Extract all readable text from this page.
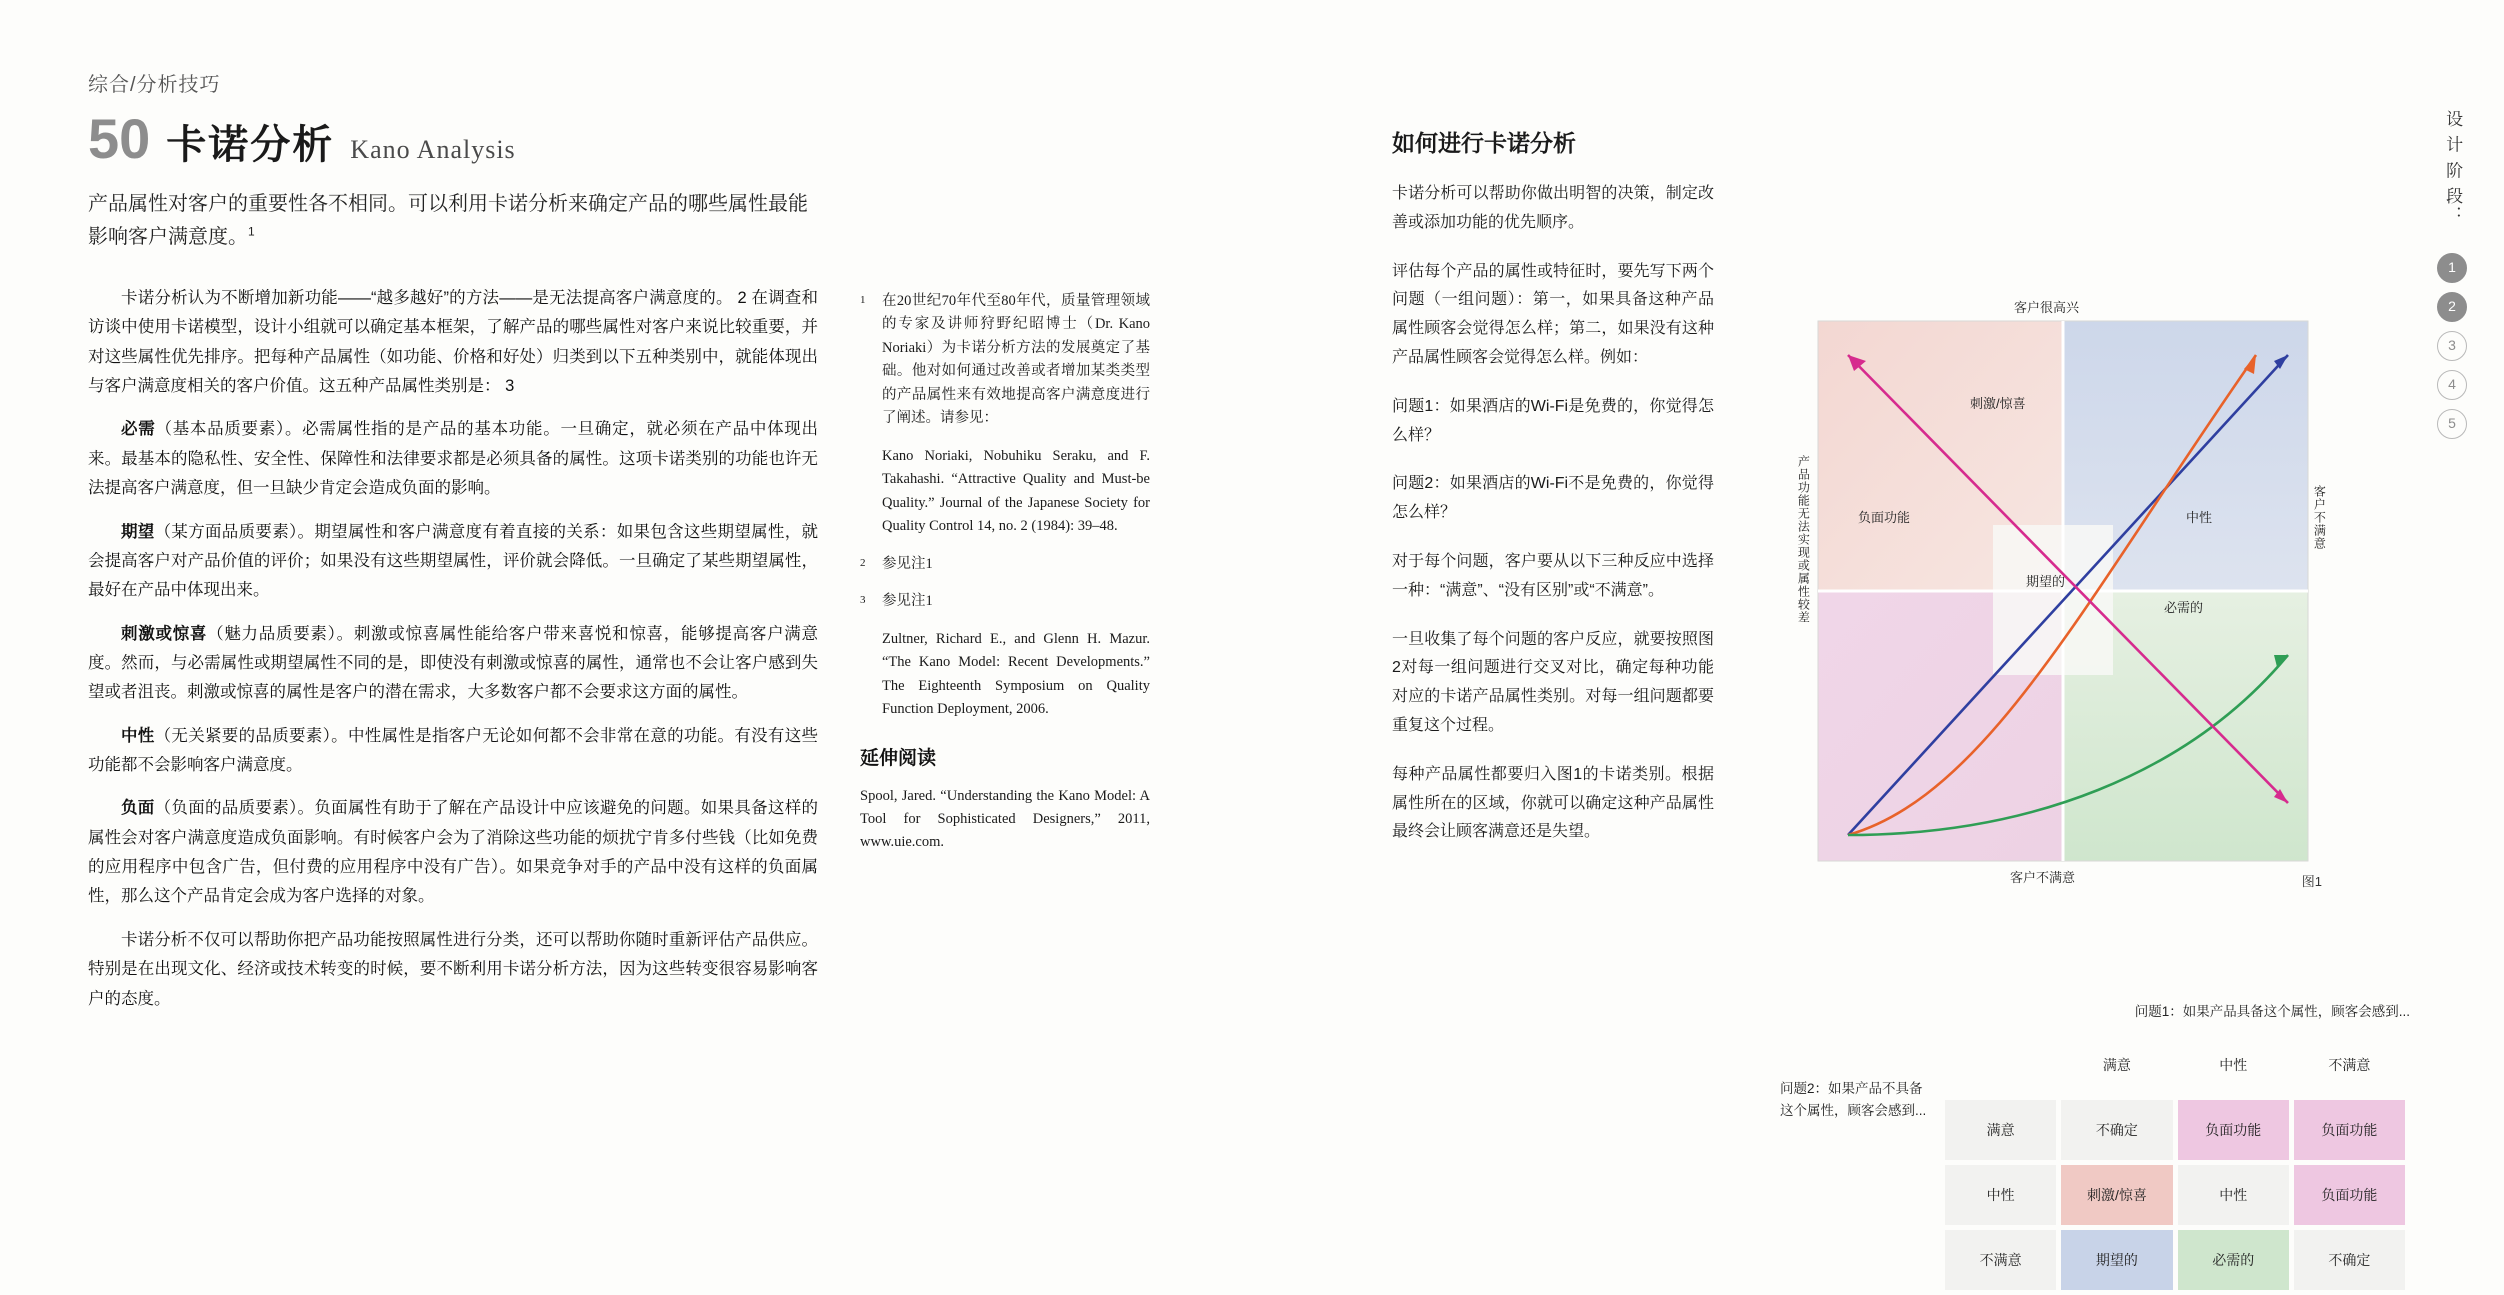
综合/分析技巧
50 卡诺分析 Kano Analysis
产品属性对客户的重要性各不相同。可以利用卡诺分析来确定产品的哪些属性最能影响客户满意度。$^1$

卡诺分析认为不断增加新功能——“越多越好”的方法——是无法提高客户满意度的。 2 在调查和访谈中使用卡诺模型，设计小组就可以确定基本框架，了解产品的哪些属性对客户来说比较重要，并对这些属性优先排序。把每种产品属性（如功能、价格和好处）归类到以下五种类别中，就能体现出与客户满意度相关的客户价值。这五种产品属性类别是： 3

必需（基本品质要素）。必需属性指的是产品的基本功能。一旦确定，就必须在产品中体现出来。最基本的隐私性、安全性、保障性和法律要求都是必须具备的属性。这项卡诺类别的功能也许无法提高客户满意度，但一旦缺少肯定会造成负面的影响。

期望（某方面品质要素）。期望属性和客户满意度有着直接的关系：如果包含这些期望属性，就会提高客户对产品价值的评价；如果没有这些期望属性，评价就会降低。一旦确定了某些期望属性，最好在产品中体现出来。

刺激或惊喜（魅力品质要素）。刺激或惊喜属性能给客户带来喜悦和惊喜，能够提高客户满意度。然而，与必需属性或期望属性不同的是，即使没有刺激或惊喜的属性，通常也不会让客户感到失望或者沮丧。刺激或惊喜的属性是客户的潜在需求，大多数客户都不会要求这方面的属性。

中性（无关紧要的品质要素）。中性属性是指客户无论如何都不会非常在意的功能。有没有这些功能都不会影响客户满意度。

负面（负面的品质要素）。负面属性有助于了解在产品设计中应该避免的问题。如果具备这样的属性会对客户满意度造成负面影响。有时候客户会为了消除这些功能的烦扰宁肯多付些钱（比如免费的应用程序中包含广告，但付费的应用程序中没有广告）。如果竞争对手的产品中没有这样的负面属性，那么这个产品肯定会成为客户选择的对象。

卡诺分析不仅可以帮助你把产品功能按照属性进行分类，还可以帮助你随时重新评估产品供应。特别是在出现文化、经济或技术转变的时候，要不断利用卡诺分析方法，因为这些转变很容易影响客户的态度。

1	在20世纪70年代至80年代，质量管理领域的专家及讲师狩野纪昭博士（Dr. Kano Noriaki）为卡诺分析方法的发展奠定了基础。他对如何通过改善或者增加某类类型的产品属性来有效地提高客户满意度进行了阐述。请参见：
Kano Noriaki, Nobuhiku Seraku, and F. Takahashi. “Attractive Quality and Must-be Quality.” Journal of the Japanese Society for Quality Control 14, no. 2 (1984): 39–48.
2	参见注1
3	参见注1
Zultner, Richard E., and Glenn H. Mazur. “The Kano Model: Recent Developments.” The Eighteenth Symposium on Quality Function Deployment, 2006.
延伸阅读
Spool, Jared. “Understanding the Kano Model: A Tool for Sophisticated Designers,” 2011, www.uie.com.
如何进行卡诺分析

卡诺分析可以帮助你做出明智的决策，制定改善或添加功能的优先顺序。

评估每个产品的属性或特征时，要先写下两个问题（一组问题）：第一，如果具备这种产品属性顾客会觉得怎么样；第二，如果没有这种产品属性顾客会觉得怎么样。例如：

问题1：如果酒店的Wi-Fi是免费的，你觉得怎么样？

问题2：如果酒店的Wi-Fi不是免费的，你觉得怎么样？

对于每个问题，客户要从以下三种反应中选择一种：“满意”、“没有区别”或“不满意”。

一旦收集了每个问题的客户反应，就要按照图2对每一组问题进行交叉对比，确定每种功能对应的卡诺产品属性类别。对每一组问题都要重复这个过程。

每种产品属性都要归入图1的卡诺类别。根据属性所在的区域，你就可以确定这种产品属性最终会让顾客满意还是失望。

设 计 阶 段：
1
2
3
4
5
客户很高兴
客户不满意
产品功能无法实现或属性较差	客户不满意
刺激/惊喜
负面功能	中性
期望的
必需的
图1
问题1：如果产品具备这个属性，顾客会感到...
问题2：如果产品不具备这个属性，顾客会感到...
	满意	中性	不满意
满意	不确定	负面功能	负面功能
中性	刺激/惊喜	中性	负面功能
不满意	期望的	必需的	不确定
